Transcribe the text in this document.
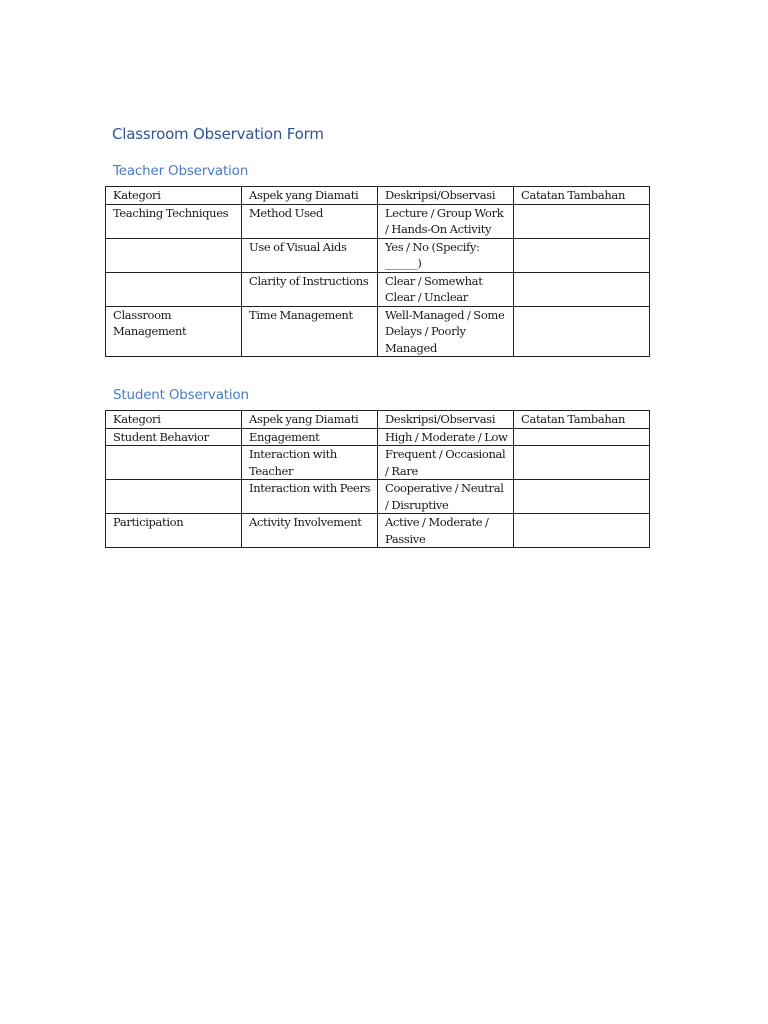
Classroom Observation Form
Teacher Observation
Kategori	Aspek yang Diamati	Deskripsi/Observasi	Catatan Tambahan
Teaching Techniques	Method Used	Lecture / Group Work / Hands-On Activity	
	Use of Visual Aids	Yes / No (Specify: ______)	
	Clarity of Instructions	Clear / Somewhat Clear / Unclear	
Classroom Management	Time Management	Well-Managed / Some Delays / Poorly Managed	
Student Observation
Kategori	Aspek yang Diamati	Deskripsi/Observasi	Catatan Tambahan
Student Behavior	Engagement	High / Moderate / Low	
	Interaction with Teacher	Frequent / Occasional / Rare	
	Interaction with Peers	Cooperative / Neutral / Disruptive	
Participation	Activity Involvement	Active / Moderate / Passive	
